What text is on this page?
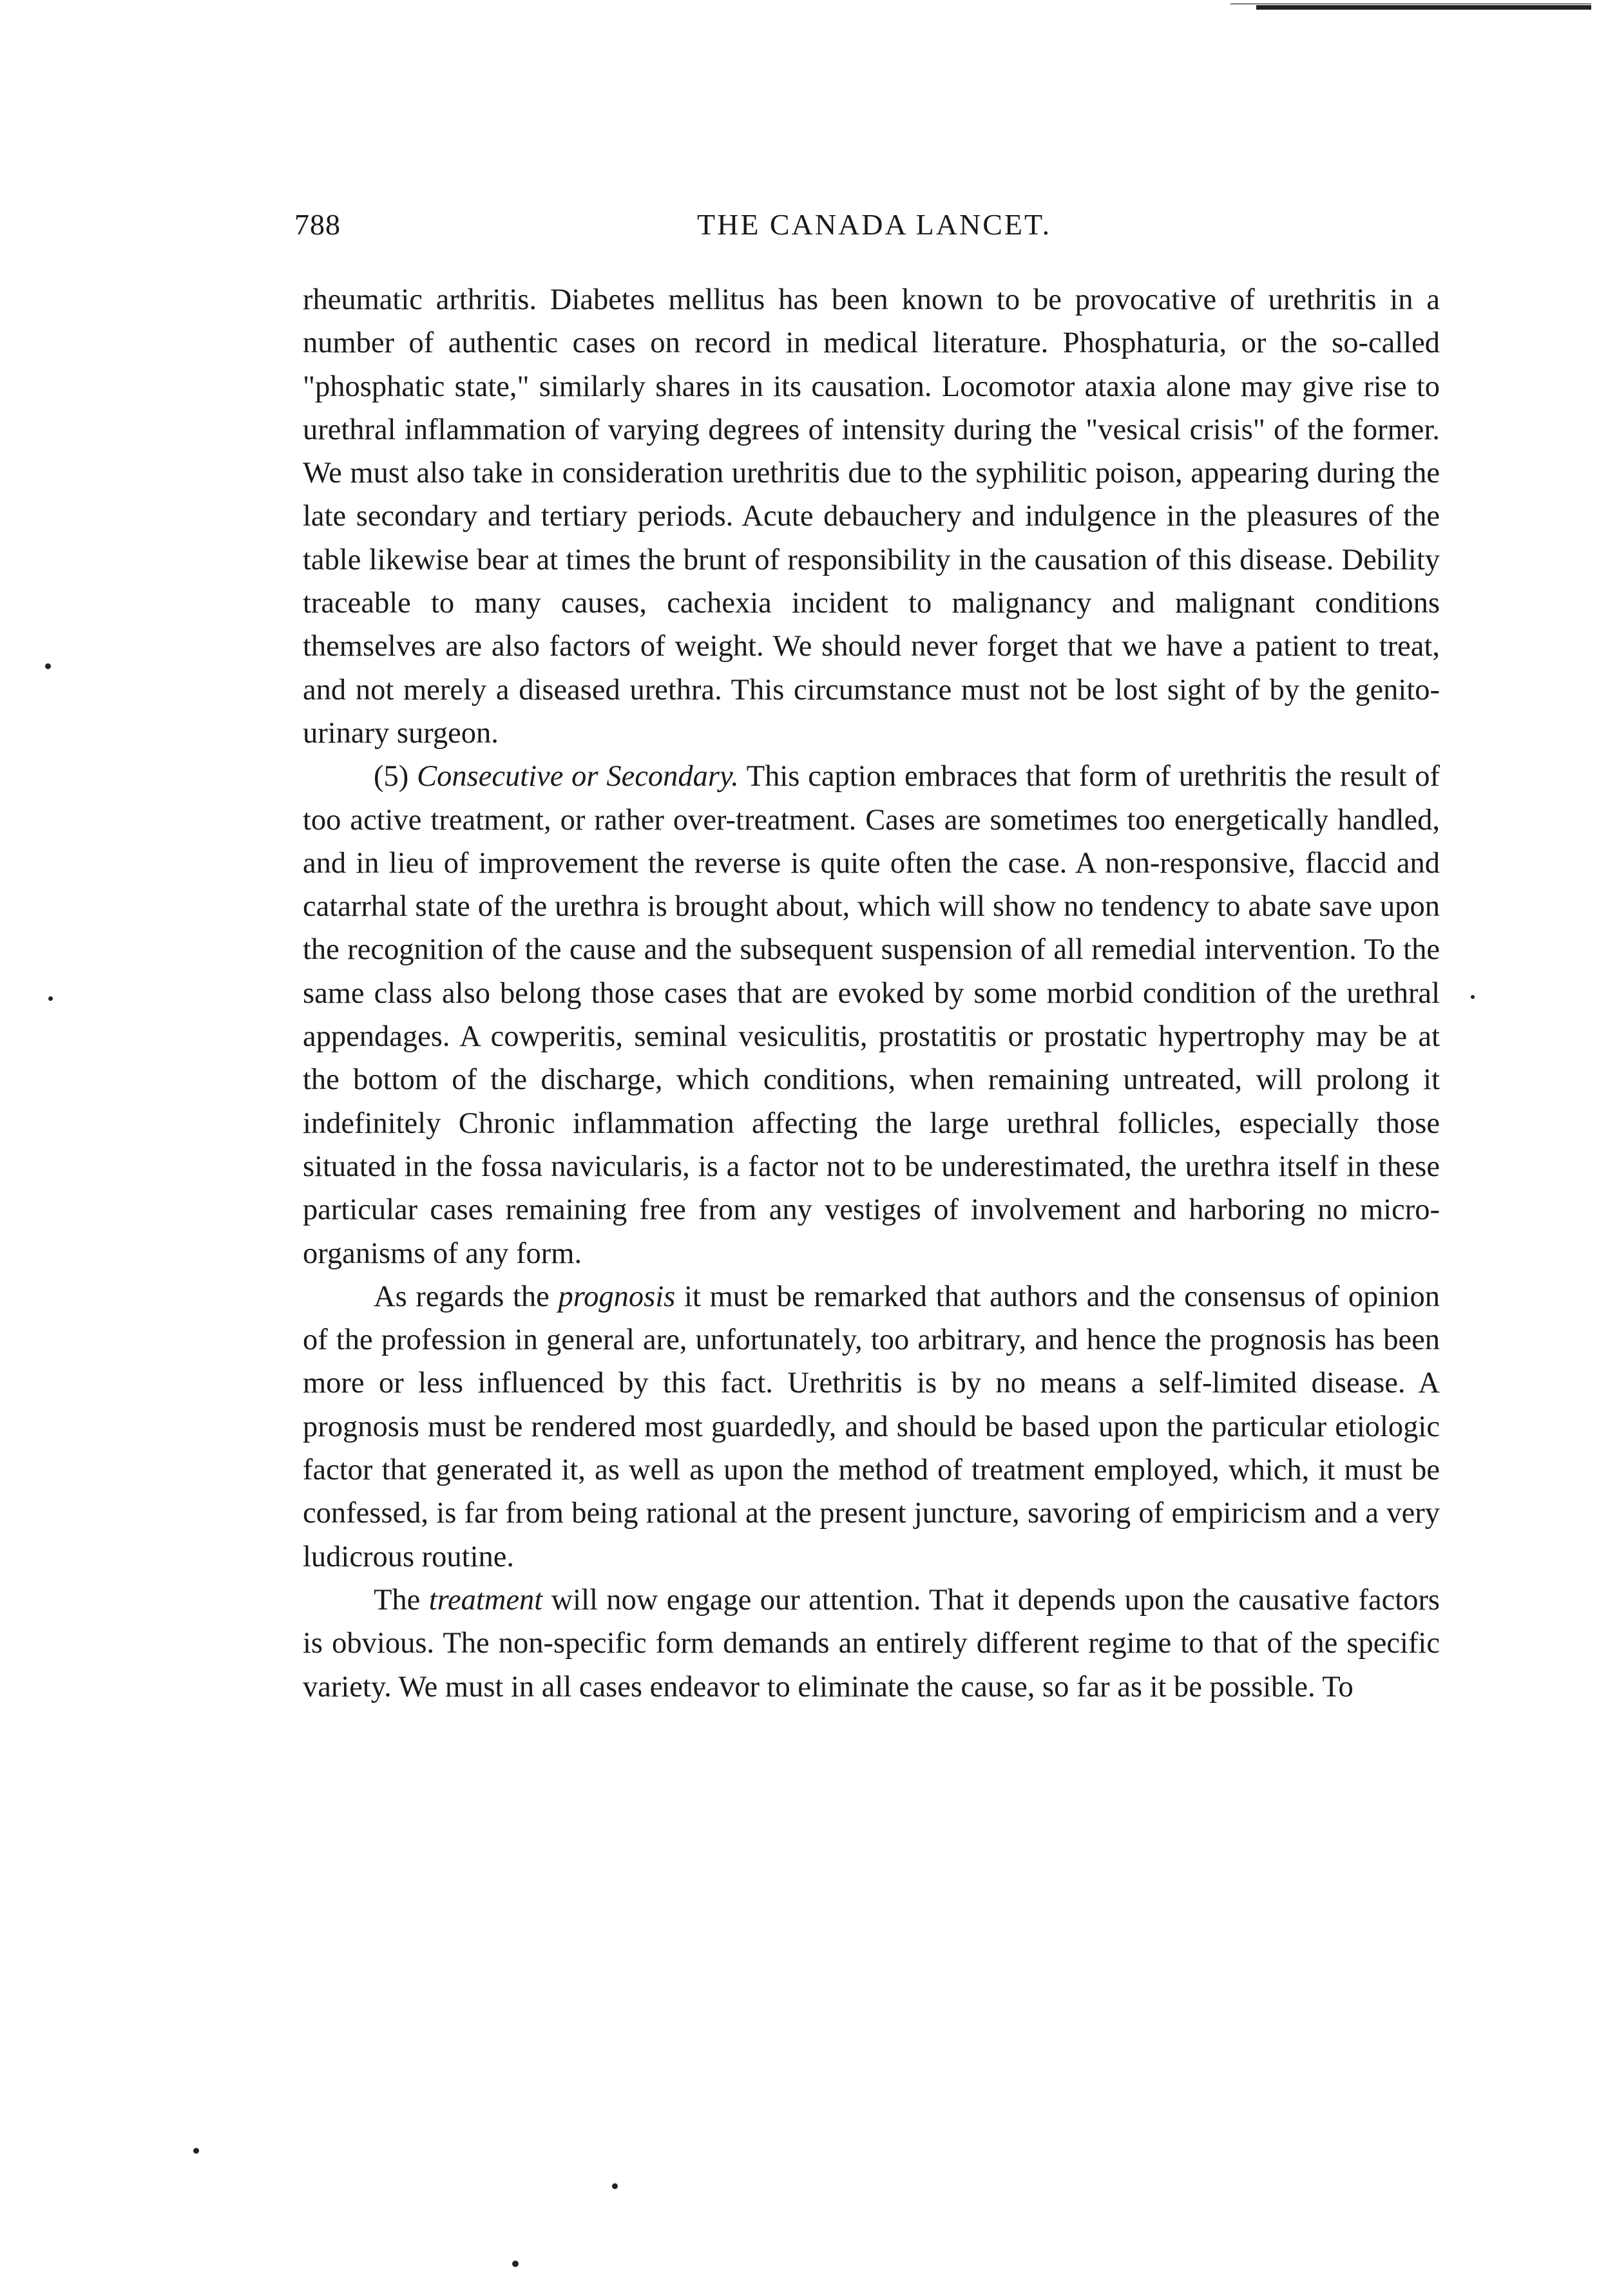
788	THE CANADA LANCET.

rheumatic arthritis. Diabetes mellitus has been known to be provocative of urethritis in a number of authentic cases on record in medical literature. Phosphaturia, or the so-called "phosphatic state," similarly shares in its causation. Locomotor ataxia alone may give rise to urethral inflammation of varying degrees of intensity during the "vesical crisis" of the former. We must also take in consideration urethritis due to the syphilitic poison, appearing during the late secondary and tertiary periods. Acute debauchery and indulgence in the pleasures of the table likewise bear at times the brunt of responsibility in the causation of this disease. Debility traceable to many causes, cachexia incident to malignancy and malignant conditions themselves are also factors of weight. We should never forget that we have a patient to treat, and not merely a diseased urethra. This circumstance must not be lost sight of by the genito-urinary surgeon.

(5) Consecutive or Secondary. This caption embraces that form of urethritis the result of too active treatment, or rather over-treatment. Cases are sometimes too energetically handled, and in lieu of improvement the reverse is quite often the case. A non-responsive, flaccid and catarrhal state of the urethra is brought about, which will show no tendency to abate save upon the recognition of the cause and the subsequent suspension of all remedial intervention. To the same class also belong those cases that are evoked by some morbid condition of the urethral appendages. A cowperitis, seminal vesiculitis, prostatitis or prostatic hypertrophy may be at the bottom of the discharge, which conditions, when remaining untreated, will prolong it indefinitely Chronic inflammation affecting the large urethral follicles, especially those situated in the fossa navicularis, is a factor not to be underestimated, the urethra itself in these particular cases remaining free from any vestiges of involvement and harboring no micro-organisms of any form.

As regards the prognosis it must be remarked that authors and the consensus of opinion of the profession in general are, unfortunately, too arbitrary, and hence the prognosis has been more or less influenced by this fact. Urethritis is by no means a self-limited disease. A prognosis must be rendered most guardedly, and should be based upon the particular etiologic factor that generated it, as well as upon the method of treatment employed, which, it must be confessed, is far from being rational at the present juncture, savoring of empiricism and a very ludicrous routine.

The treatment will now engage our attention. That it depends upon the causative factors is obvious. The non-specific form demands an entirely different regime to that of the specific variety. We must in all cases endeavor to eliminate the cause, so far as it be possible. To
